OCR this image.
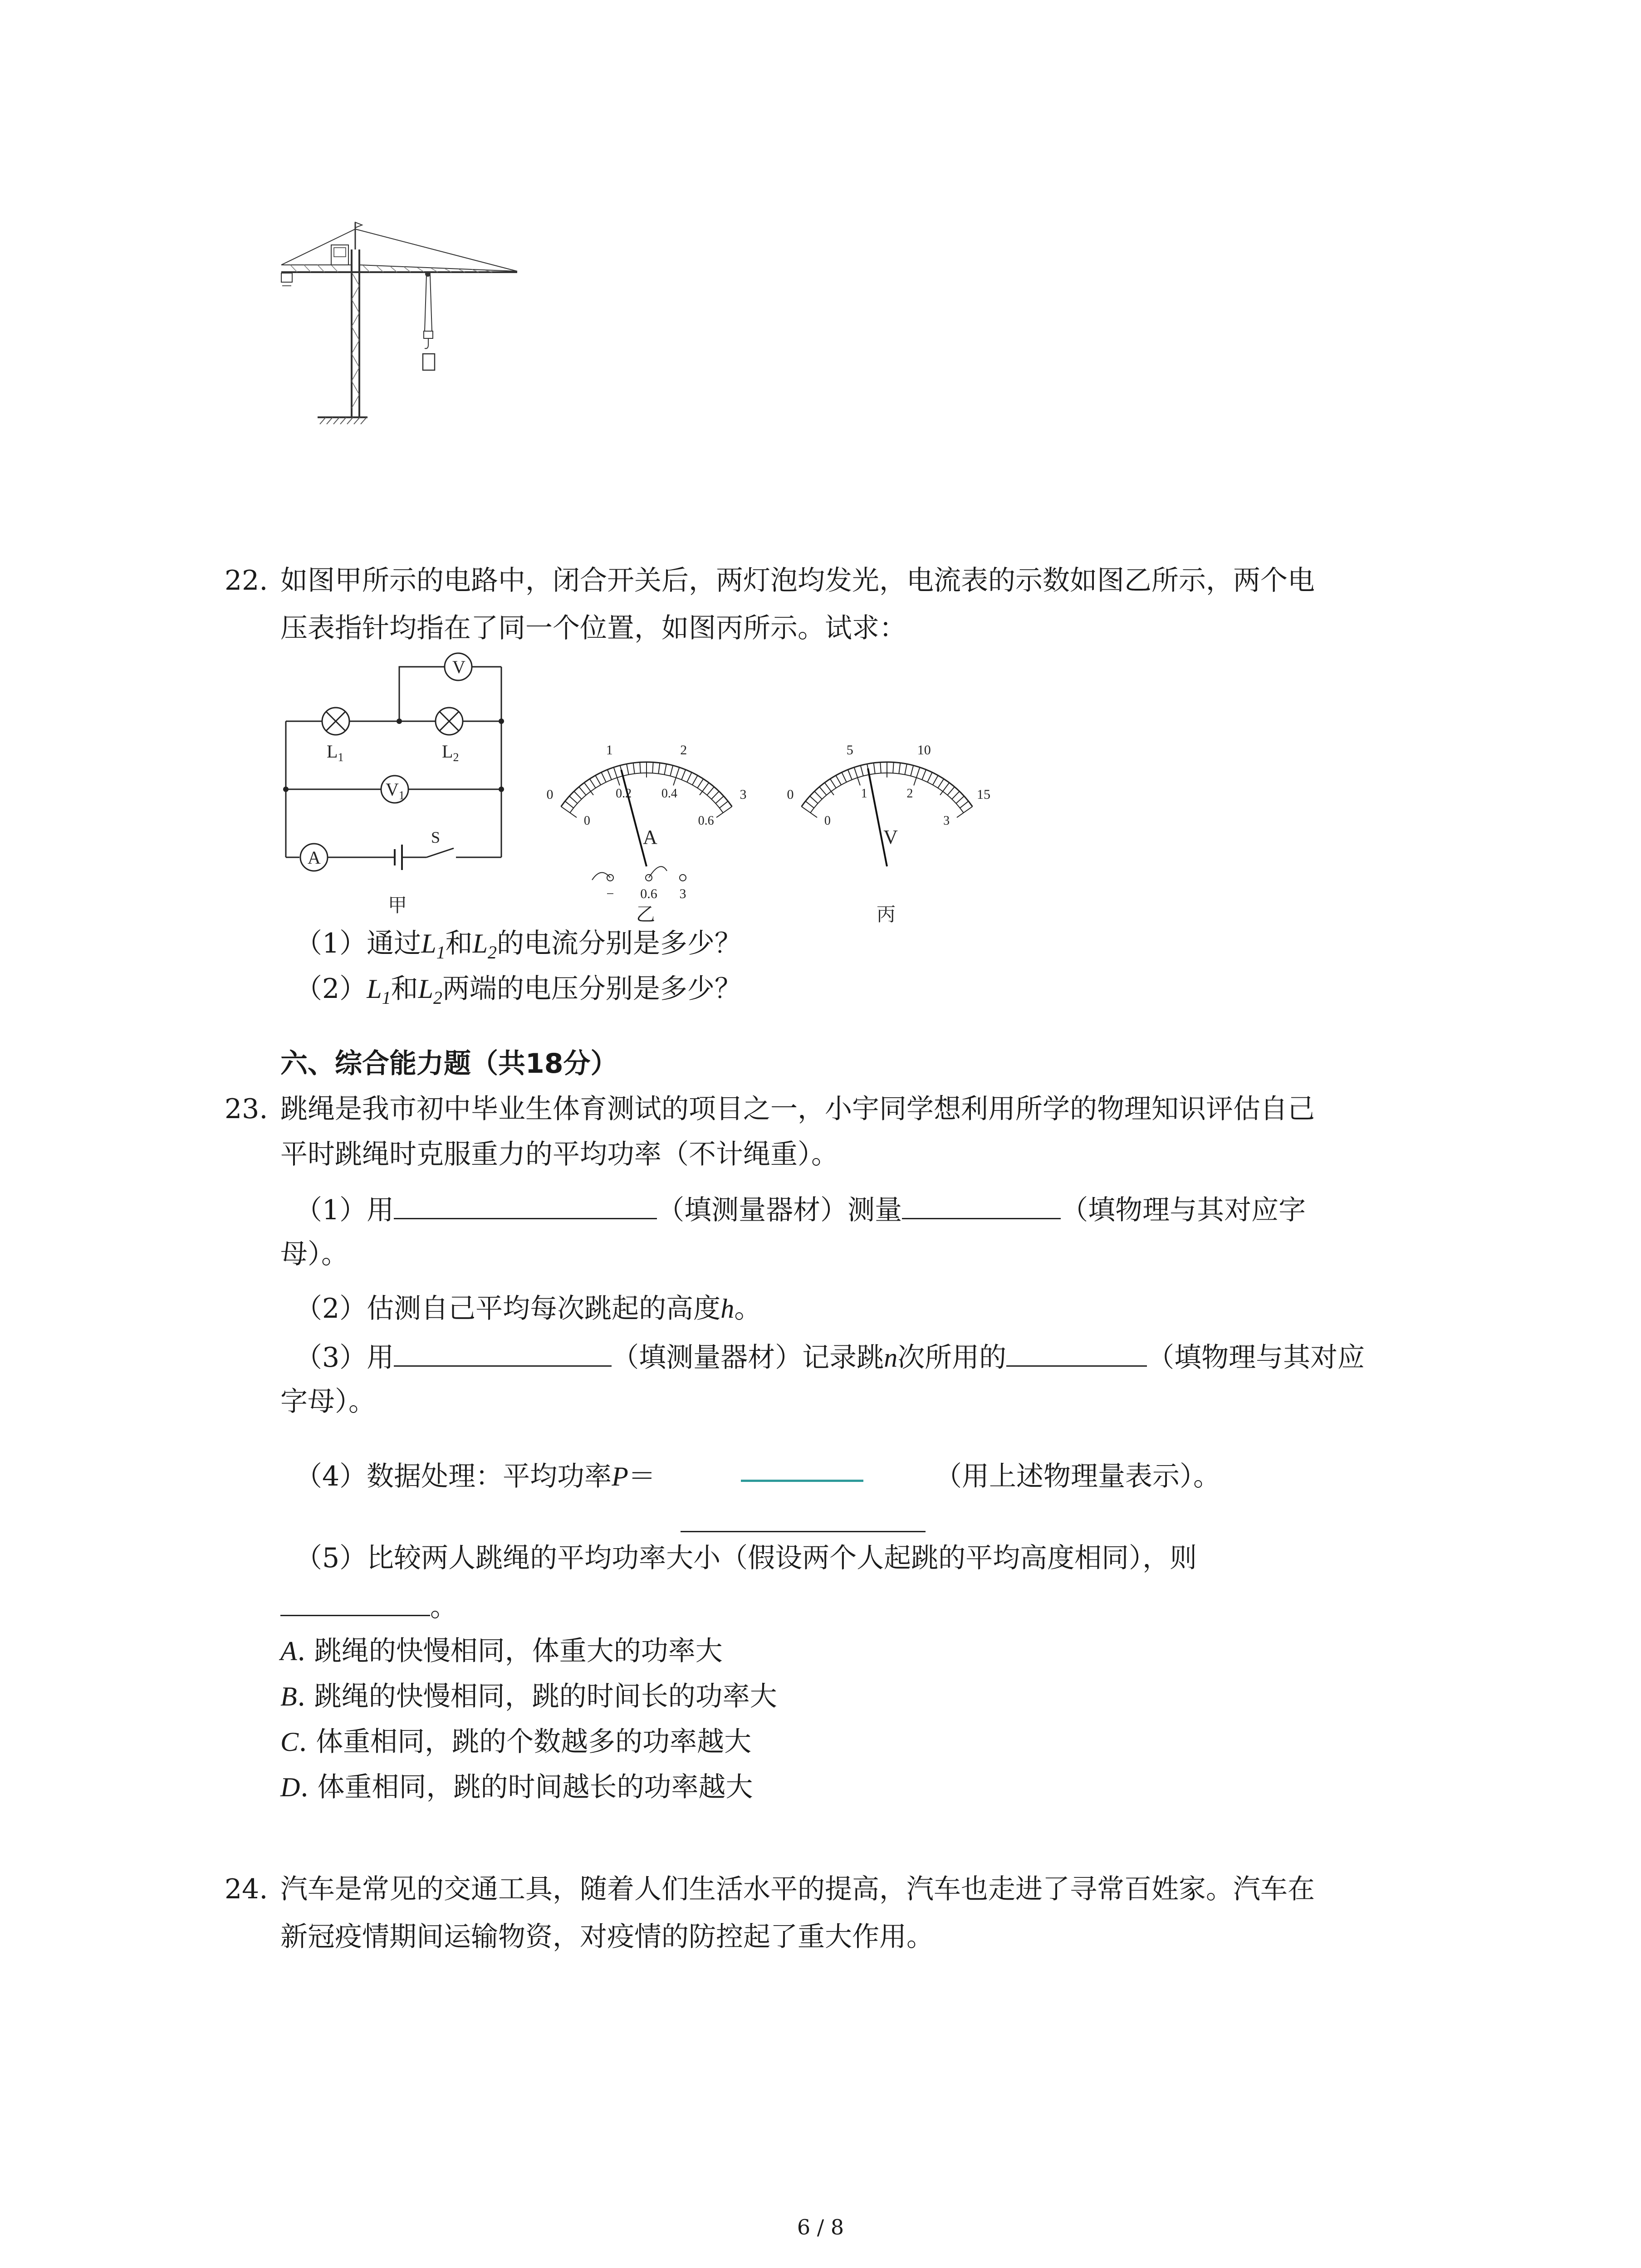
22. 如图甲所示的电路中，闭合开关后，两灯泡均发光，电流表的示数如图乙所示，两个电
压表指针均指在了同一个位置，如图丙所示。试求：
V
$V_1$
$L_1$	$L_2$
A
S
甲	乙
0
1	2
3
0
0.2 0.4
0.6
A
− 0.6 3
丙
0
5	10
15
0
1	2
3
V
（1）通过$L_1$和$L_2$的电流分别是多少？
$(2)L_1$和$L_2$两端的电压分别是多少？
六、综合能力题（共18分）
23. 跳绳是我市初中毕业生体育测试的项目之一，小宇同学想利用所学的物理知识评估自己
平时跳绳时克服重力的平均功率（不计绳重）。
（1）用	（填测量器材）测量	（填物理与其对应字
母）。
（2）估测自己平均每次跳起的高度h。
（3）用	（填测量器材）记录跳n次所用的	（填物理与其对应
字母）。
（4）数据处理：平均功率P＝	（用上述物理量表示）。
（5）比较两人跳绳的平均功率大小（假设两个人起跳的平均高度相同），则
。
A. 跳绳的快慢相同，体重大的功率大
B. 跳绳的快慢相同，跳的时间长的功率大
C. 体重相同，跳的个数越多的功率越大
D. 体重相同，跳的时间越长的功率越大
24. 汽车是常见的交通工具，随着人们生活水平的提高，汽车也走进了寻常百姓家。汽车在
新冠疫情期间运输物资，对疫情的防控起了重大作用。
6 / 8
